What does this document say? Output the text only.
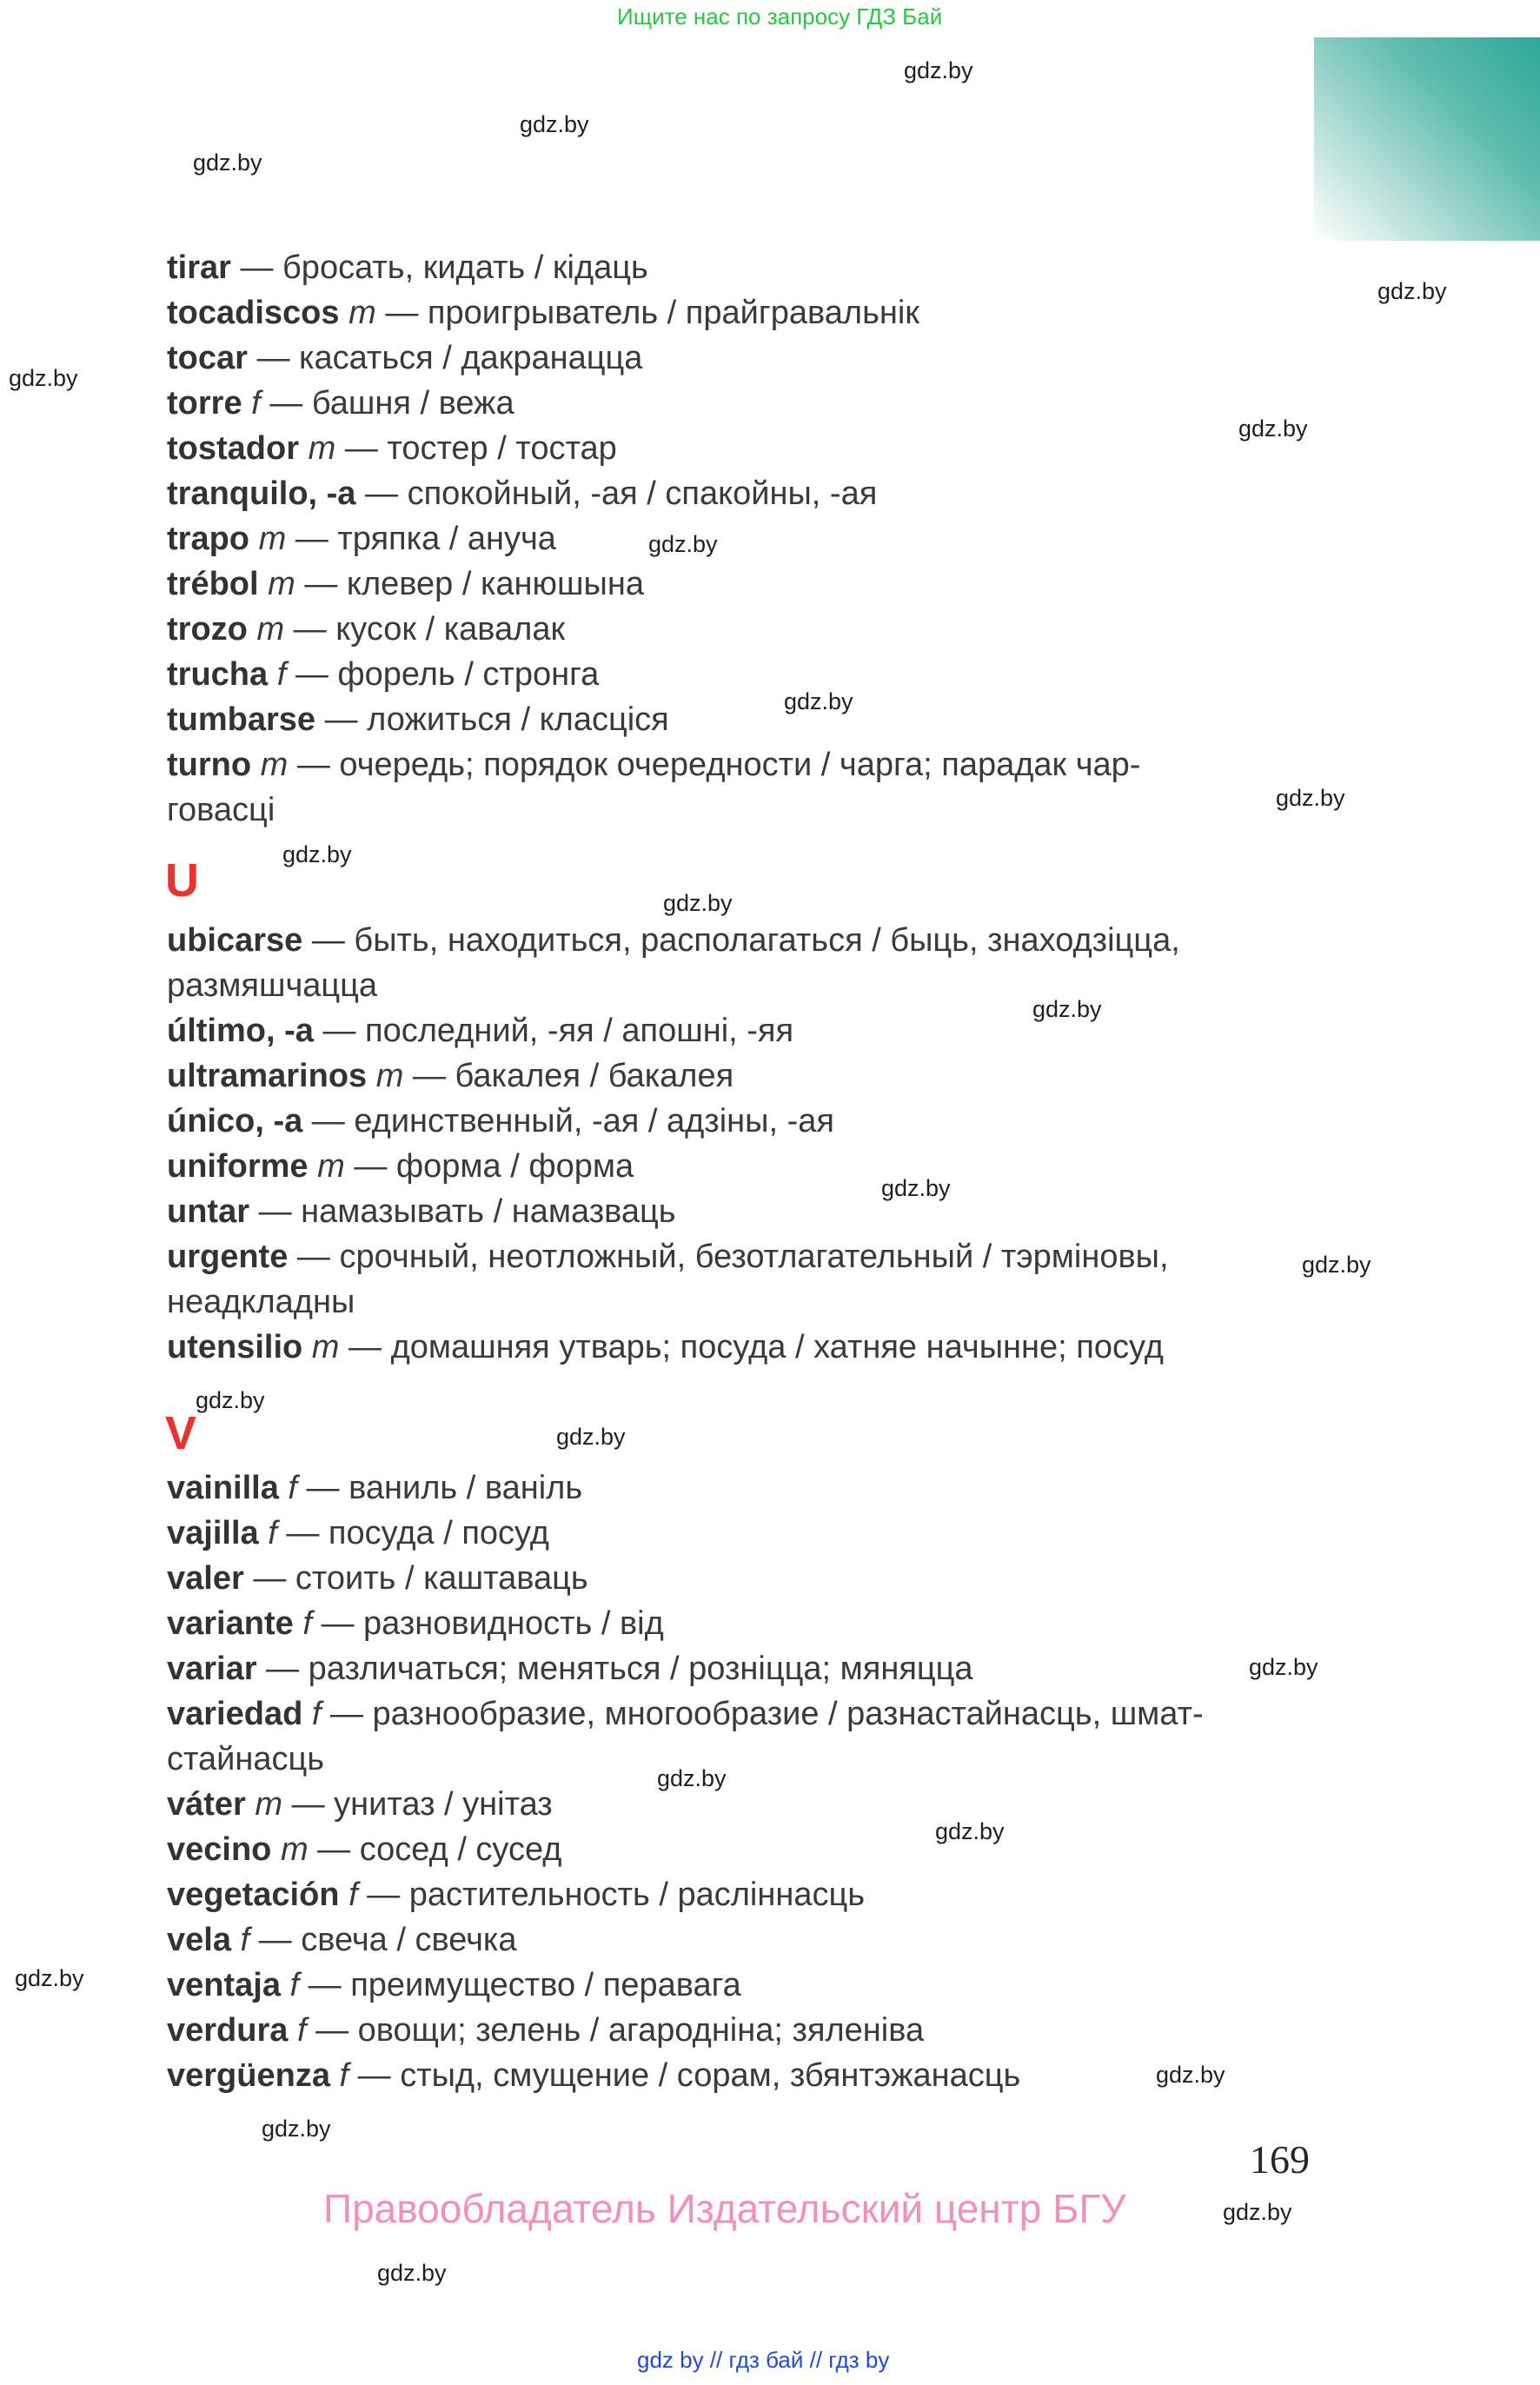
Ищите нас по запросу ГДЗ Бай
gdz.by
gdz.by
gdz.by
gdz.by
gdz.by
gdz.by
gdz.by
gdz.by
gdz.by
gdz.by
gdz.by
gdz.by
gdz.by
gdz.by
gdz.by
gdz.by
gdz.by
gdz.by
gdz.by
gdz.by
gdz.by
gdz.by
gdz.by
gdz.by
tirar — бросать, кидать / кідаць
tocadiscos m — проигрыватель / прайгравальнік
tocar — касаться / дакранацца
torre f — башня / вежа
tostador m — тостер / тостар
tranquilo, -a — спокойный, -ая / спакойны, -ая
trapo m — тряпка / ануча
trébol m — клевер / канюшына
trozo m — кусок / кавалак
trucha f — форель / стронга
tumbarse — ложиться / класціся
turno m — очередь; порядок очередности / чарга; парадак чар-
говасці
U
ubicarse — быть, находиться, располагаться / быць, знаходзіцца,
размяшчацца
último, -a — последний, -яя / апошні, -яя
ultramarinos m — бакалея / бакалея
único, -a — единственный, -ая / адзіны, -ая
uniforme m — форма / форма
untar — намазывать / намазваць
urgente — срочный, неотложный, безотлагательный / тэрміновы,
неадкладны
utensilio m — домашняя утварь; посуда / хатняе начынне; посуд
V
vainilla f — ваниль / ваніль
vajilla f — посуда / посуд
valer — стоить / каштаваць
variante f — разновидность / від
variar — различаться; меняться / розніцца; мяняцца
variedad f — разнообразие, многообразие / разнастайнасць, шмат-
стайнасць
váter m — унитаз / унітаз
vecino m — сосед / сусед
vegetación f — растительность / расліннасць
vela f — свеча / свечка
ventaja f — преимущество / перавага
verdura f — овощи; зелень / агародніна; зяленіва
vergüenza f — стыд, смущение / сорам, збянтэжанасць
169
Правообладатель Издательский центр БГУ
gdz by // гдз бай // гдз by
